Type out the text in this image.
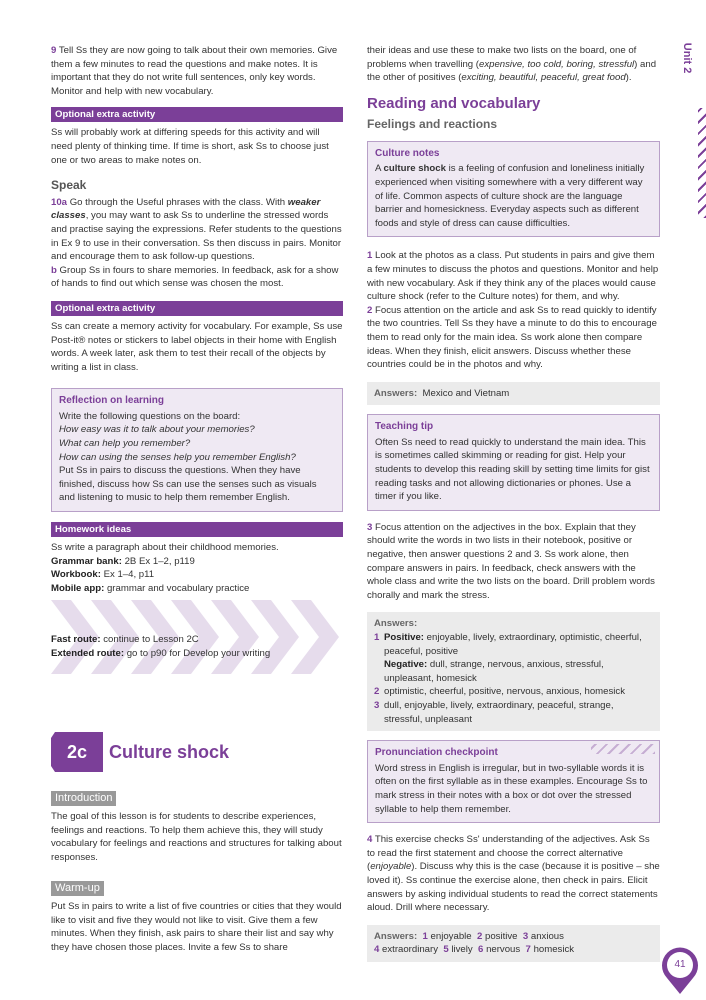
Unit 2

9 Tell Ss they are now going to talk about their own memories. Give them a few minutes to read the questions and make notes. It is important that they do not write full sentences, only key words. Monitor and help with new vocabulary.

Optional extra activity

Ss will probably work at differing speeds for this activity and will need plenty of thinking time. If time is short, ask Ss to choose just one or two areas to make notes on.

Speak

10a Go through the Useful phrases with the class. With weaker classes, you may want to ask Ss to underline the stressed words and practise saying the expressions. Refer students to the questions in Ex 9 to use in their conversation. Ss then discuss in pairs. Monitor and encourage them to ask follow-up questions.

b Group Ss in fours to share memories. In feedback, ask for a show of hands to find out which sense was chosen the most.

Optional extra activity

Ss can create a memory activity for vocabulary. For example, Ss use Post-it® notes or stickers to label objects in their home with English words. A week later, ask them to test their recall of the objects by writing a list in class.

Reflection on learning

Write the following questions on the board:

How easy was it to talk about your memories?

What can help you remember?

How can using the senses help you remember English?

Put Ss in pairs to discuss the questions. When they have finished, discuss how Ss can use the senses such as visuals and listening to music to help them remember English.

Homework ideas

Ss write a paragraph about their childhood memories.

Grammar bank: 2B Ex 1–2, p119

Workbook: Ex 1–4, p11

Mobile app: grammar and vocabulary practice

Fast route: continue to Lesson 2C

Extended route: go to p90 for Develop your writing

2c	Culture shock
Introduction

The goal of this lesson is for students to describe experiences, feelings and reactions. To help them achieve this, they will study vocabulary for feelings and reactions and structures for talking about responses.

Warm-up

Put Ss in pairs to write a list of five countries or cities that they would like to visit and five they would not like to visit. Give them a few minutes. When they finish, ask pairs to share their list and say why they have chosen those places. Invite a few Ss to share

their ideas and use these to make two lists on the board, one of problems when travelling (expensive, too cold, boring, stressful) and the other of positives (exciting, beautiful, peaceful, great food).

Reading and vocabulary
Feelings and reactions
Culture notes

A culture shock is a feeling of confusion and loneliness initially experienced when visiting somewhere with a very different way of life. Common aspects of culture shock are the language barrier and homesickness. Everyday aspects such as different foods and style of dress can cause difficulties.

1 Look at the photos as a class. Put students in pairs and give them a few minutes to discuss the photos and questions. Monitor and help with new vocabulary. Ask if they think any of the places would cause culture shock (refer to the Culture notes) for them, and why.

2 Focus attention on the article and ask Ss to read quickly to identify the two countries. Tell Ss they have a minute to do this to encourage them to read only for the main idea. Ss work alone then compare ideas. When they finish, elicit answers. Discuss whether these countries could be in the photos and why.

Answers: Mexico and Vietnam
Teaching tip

Often Ss need to read quickly to understand the main idea. This is sometimes called skimming or reading for gist. Help your students to develop this reading skill by setting time limits for gist reading tasks and not allowing dictionaries or phones. Use a timer if you like.

3 Focus attention on the adjectives in the box. Explain that they should write the words in two lists in their notebook, positive or negative, then answer questions 2 and 3. Ss work alone, then compare answers in pairs. In feedback, check answers with the whole class and write the two lists on the board. Drill problem words chorally and mark the stress.

Answers:
1 Positive: enjoyable, lively, extraordinary, optimistic, cheerful, peaceful, positive

Negative: dull, strange, nervous, anxious, stressful, unpleasant, homesick

2 optimistic, cheerful, positive, nervous, anxious, homesick
3 dull, enjoyable, lively, extraordinary, peaceful, strange, stressful, unpleasant
Pronunciation checkpoint

Word stress in English is irregular, but in two-syllable words it is often on the first syllable as in these examples. Encourage Ss to mark stress in their notes with a box or dot over the stressed syllable to help them remember.

4 This exercise checks Ss' understanding of the adjectives. Ask Ss to read the first statement and choose the correct alternative (enjoyable). Discuss why this is the case (because it is positive – she loved it). Ss continue the exercise alone, then check in pairs. Elicit answers by asking individual students to read the correct statements aloud. Drill where necessary.

Answers: 1 enjoyable 2 positive 3 anxious
4 extraordinary 5 lively 6 nervous 7 homesick
41
